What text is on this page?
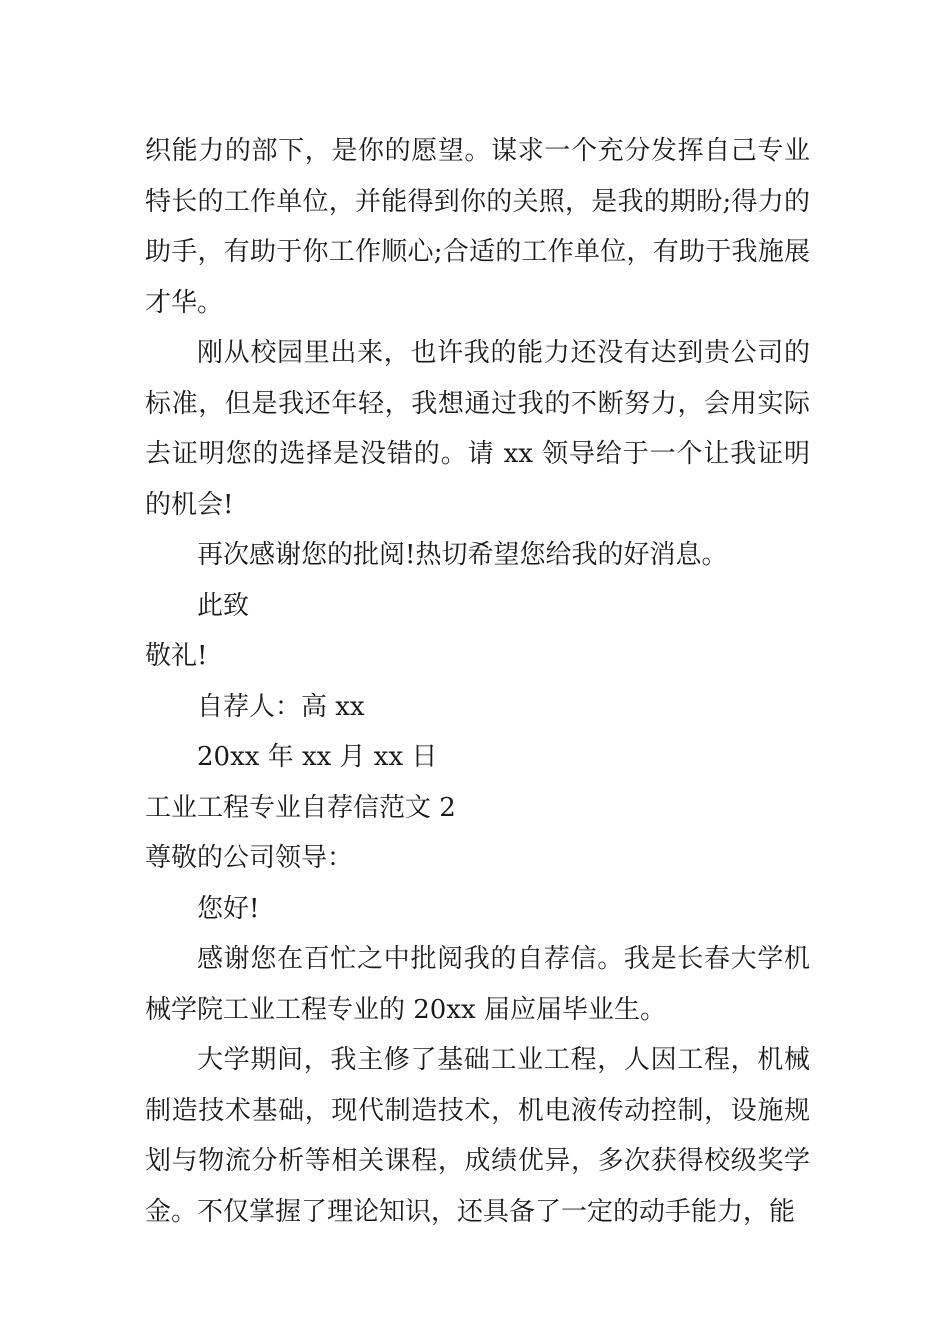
织能力的部下，是你的愿望。谋求一个充分发挥自己专业特长的工作单位，并能得到你的关照，是我的期盼;得力的助手，有助于你工作顺心;合适的工作单位，有助于我施展才华。

刚从校园里出来，也许我的能力还没有达到贵公司的标准，但是我还年轻，我想通过我的不断努力，会用实际去证明您的选择是没错的。请 xx 领导给于一个让我证明的机会!

再次感谢您的批阅!热切希望您给我的好消息。

此致

敬礼!

自荐人：高 xx

20xx 年 xx 月 xx 日

工业工程专业自荐信范文 2

尊敬的公司领导：

您好!

感谢您在百忙之中批阅我的自荐信。我是长春大学机械学院工业工程专业的 20xx 届应届毕业生。

大学期间，我主修了基础工业工程，人因工程，机械制造技术基础，现代制造技术，机电液传动控制，设施规划与物流分析等相关课程，成绩优异，多次获得校级奖学金。不仅掌握了理论知识，还具备了一定的动手能力，能
